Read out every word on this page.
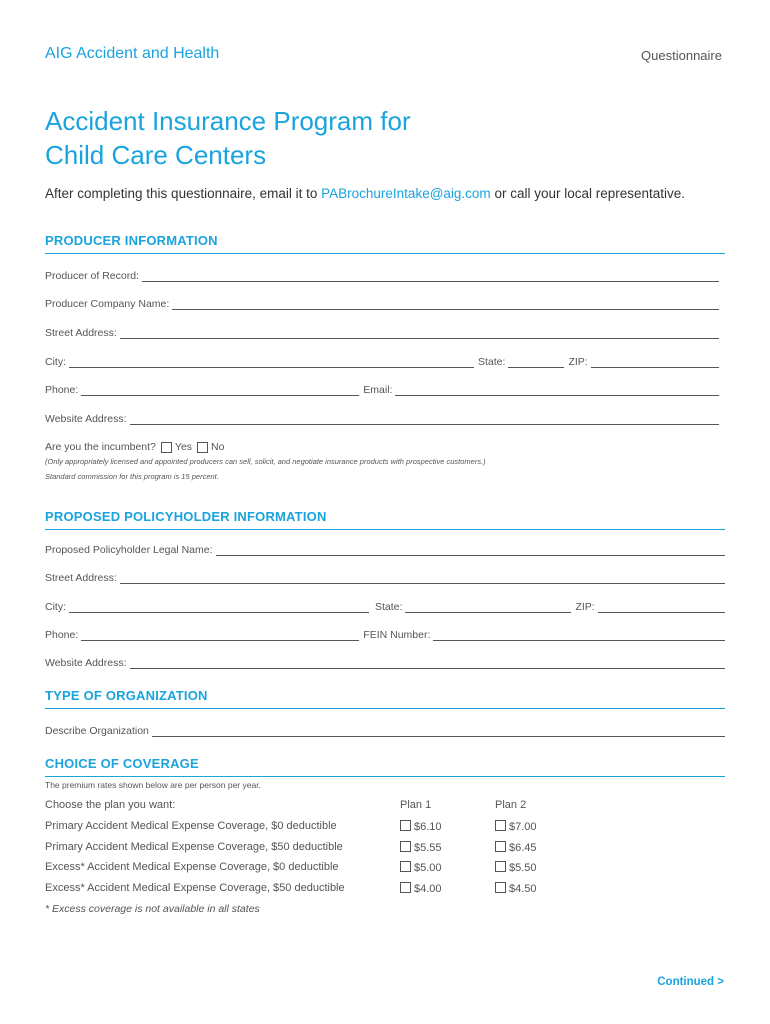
AIG Accident and Health	Questionnaire
Accident Insurance Program for
Child Care Centers
After completing this questionnaire, email it to PABrochureIntake@aig.com or call your local representative.
PRODUCER INFORMATION
Producer of Record:
Producer Company Name:
Street Address:
City:	State:	ZIP:
Phone:	Email:
Website Address:
Are you the incumbent? Yes No
(Only appropriately licensed and appointed producers can sell, solicit, and negotiate insurance products with prospective customers.)
Standard commission for this program is 15 percent.
PROPOSED POLICYHOLDER INFORMATION
Proposed Policyholder Legal Name:
Street Address:
City:	State:	ZIP:
Phone:	FEIN Number:
Website Address:
TYPE OF ORGANIZATION
Describe Organization
CHOICE OF COVERAGE
The premium rates shown below are per person per year.
Choose the plan you want:	Plan 1	Plan 2
Primary Accident Medical Expense Coverage, $0 deductible	$6.10	$7.00
Primary Accident Medical Expense Coverage, $50 deductible	$5.55	$6.45
Excess* Accident Medical Expense Coverage, $0 deductible	$5.00	$5.50
Excess* Accident Medical Expense Coverage, $50 deductible	$4.00	$4.50
* Excess coverage is not available in all states
Continued >
